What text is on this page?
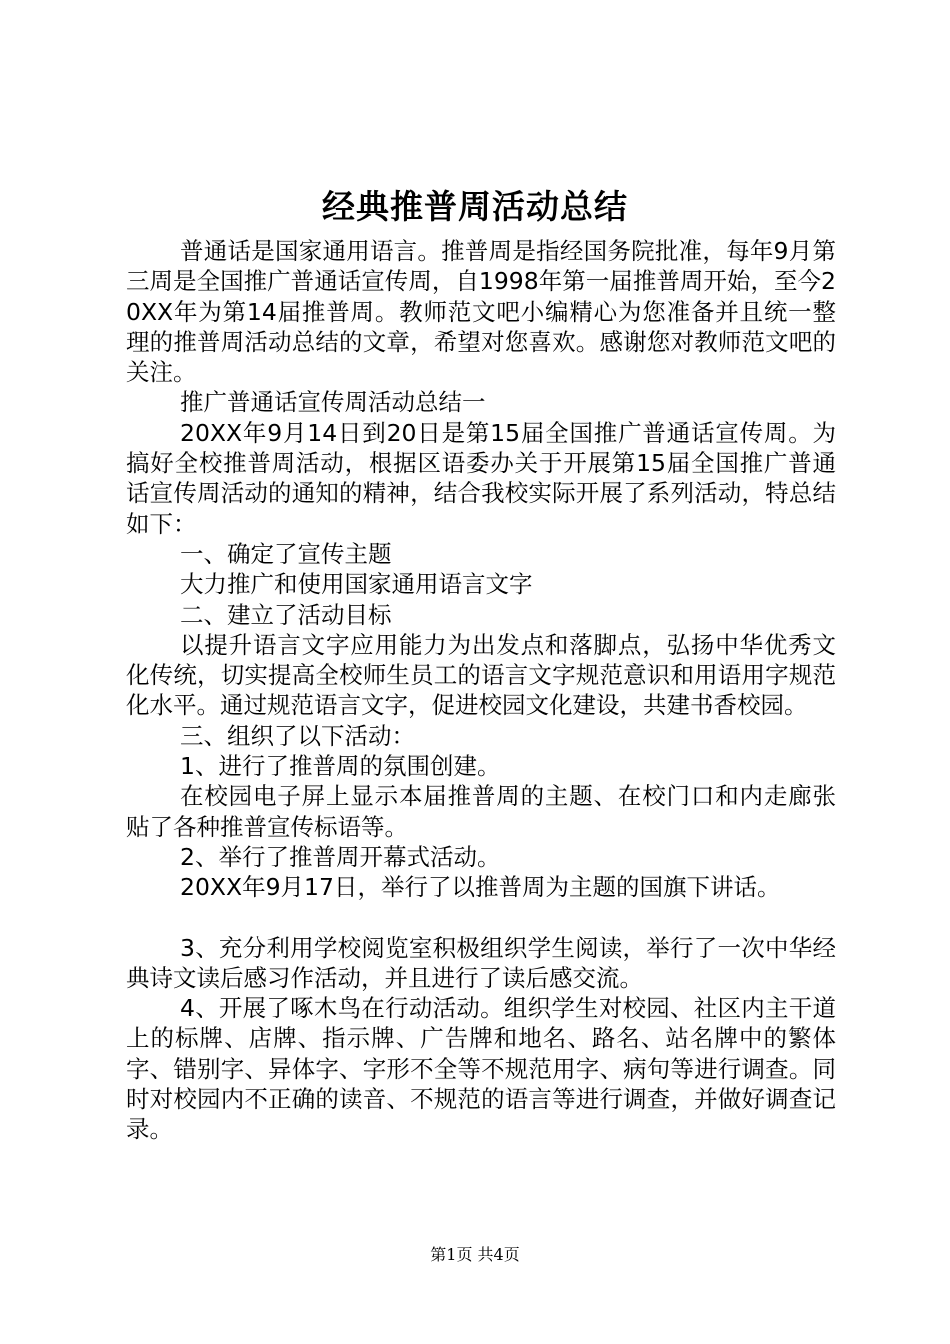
经典推普周活动总结

普通话是国家通用语言。推普周是指经国务院批准，每年9月第三周是全国推广普通话宣传周，自1998年第一届推普周开始，至今20XX年为第14届推普周。教师范文吧小编精心为您准备并且统一整理的推普周活动总结的文章，希望对您喜欢。感谢您对教师范文吧的关注。

推广普通话宣传周活动总结一

20XX年9月14日到20日是第15届全国推广普通话宣传周。为搞好全校推普周活动，根据区语委办关于开展第15届全国推广普通话宣传周活动的通知的精神，结合我校实际开展了系列活动，特总结如下：

一、确定了宣传主题

大力推广和使用国家通用语言文字

二、建立了活动目标

以提升语言文字应用能力为出发点和落脚点，弘扬中华优秀文化传统，切实提高全校师生员工的语言文字规范意识和用语用字规范化水平。通过规范语言文字，促进校园文化建设，共建书香校园。

三、组织了以下活动：

1、进行了推普周的氛围创建。

在校园电子屏上显示本届推普周的主题、在校门口和内走廊张贴了各种推普宣传标语等。

2、举行了推普周开幕式活动。

20XX年9月17日，举行了以推普周为主题的国旗下讲话。

3、充分利用学校阅览室积极组织学生阅读，举行了一次中华经典诗文读后感习作活动，并且进行了读后感交流。

4、开展了啄木鸟在行动活动。组织学生对校园、社区内主干道上的标牌、店牌、指示牌、广告牌和地名、路名、站名牌中的繁体字、错别字、异体字、字形不全等不规范用字、病句等进行调查。同时对校园内不正确的读音、不规范的语言等进行调查，并做好调查记录。

第1页 共4页
